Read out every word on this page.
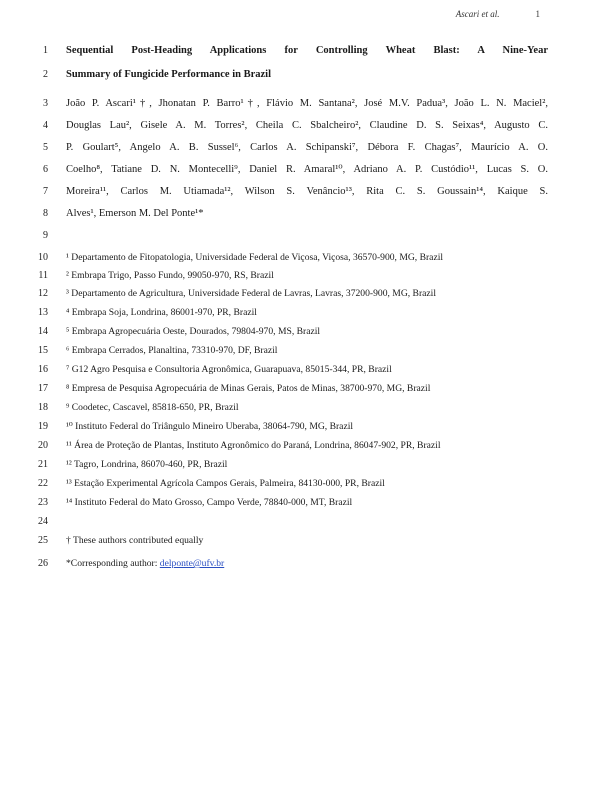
Ascari et al.	1
1 Sequential Post-Heading Applications for Controlling Wheat Blast: A Nine-Year
2 Summary of Fungicide Performance in Brazil
3 João P. Ascari¹†, Jhonatan P. Barro¹†, Flávio M. Santana², José M.V. Padua³, João L. N. Maciel²,
4 Douglas Lau², Gisele A. M. Torres², Cheila C. Sbalcheiro², Claudine D. S. Seixas⁴, Augusto C.
5 P. Goulart⁵, Angelo A. B. Sussel⁶, Carlos A. Schipanski⁷, Débora F. Chagas⁷, Maurício A. O.
6 Coelho⁸, Tatiane D. N. Montecelli⁹, Daniel R. Amaral¹⁰, Adriano A. P. Custódio¹¹, Lucas S. O.
7 Moreira¹¹, Carlos M. Utiamada¹², Wilson S. Venâncio¹³, Rita C. S. Goussain¹⁴, Kaique S.
8 Alves¹, Emerson M. Del Ponte¹*
9
10 ¹ Departamento de Fitopatologia, Universidade Federal de Viçosa, Viçosa, 36570-900, MG, Brazil
11 ² Embrapa Trigo, Passo Fundo, 99050-970, RS, Brazil
12 ³ Departamento de Agricultura, Universidade Federal de Lavras, Lavras, 37200-900, MG, Brazil
13 ⁴ Embrapa Soja, Londrina, 86001-970, PR, Brazil
14 ⁵ Embrapa Agropecuária Oeste, Dourados, 79804-970, MS, Brazil
15 ⁶ Embrapa Cerrados, Planaltina, 73310-970, DF, Brazil
16 ⁷ G12 Agro Pesquisa e Consultoria Agronômica, Guarapuava, 85015-344, PR, Brazil
17 ⁸ Empresa de Pesquisa Agropecuária de Minas Gerais, Patos de Minas, 38700-970, MG, Brazil
18 ⁹ Coodetec, Cascavel, 85818-650, PR, Brazil
19 ¹⁰ Instituto Federal do Triângulo Mineiro Uberaba, 38064-790, MG, Brazil
20 ¹¹ Área de Proteção de Plantas, Instituto Agronômico do Paraná, Londrina, 86047-902, PR, Brazil
21 ¹² Tagro, Londrina, 86070-460, PR, Brazil
22 ¹³ Estação Experimental Agrícola Campos Gerais, Palmeira, 84130-000, PR, Brazil
23 ¹⁴ Instituto Federal do Mato Grosso, Campo Verde, 78840-000, MT, Brazil
24
25 † These authors contributed equally
26 *Corresponding author: delponte@ufv.br
